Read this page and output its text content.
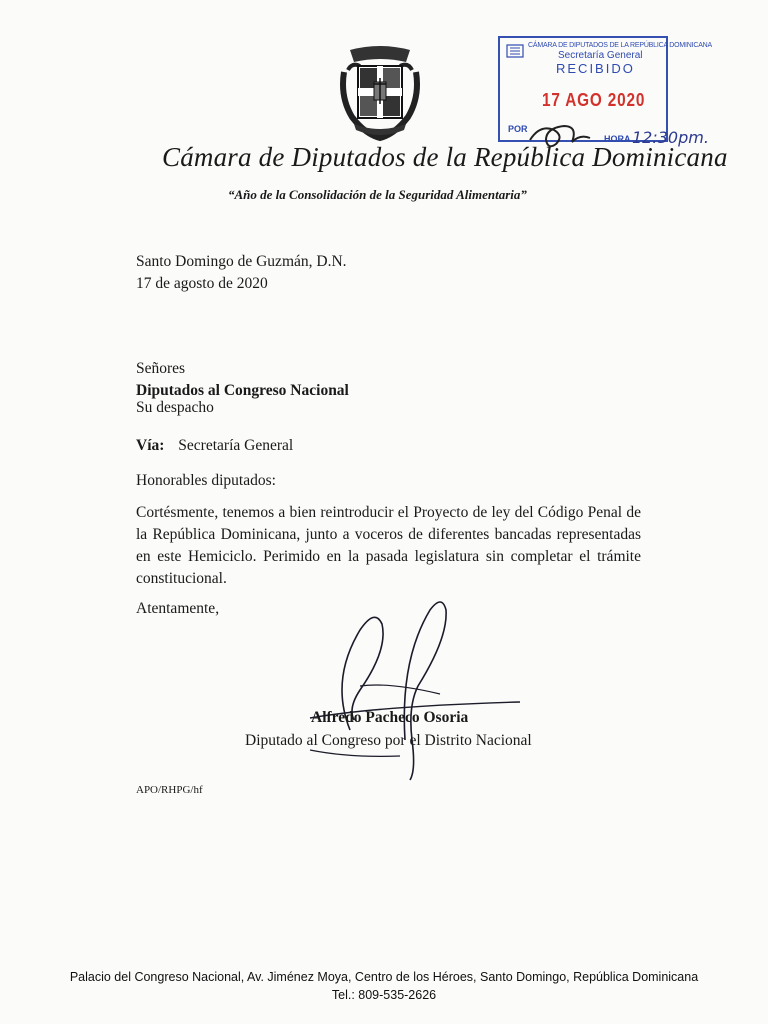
CÁMARA DE DIPUTADOS DE LA REPÚBLICA DOMINICANA
Secretaría General
RECIBIDO
17 AGO 2020
POR
HORA 12:30pm.
Cámara de Diputados de la República Dominicana
“Año de la Consolidación de la Seguridad Alimentaria”
Santo Domingo de Guzmán, D.N.
17 de agosto de 2020
Señores
Diputados al Congreso Nacional
Su despacho
Vía: Secretaría General
Honorables diputados:
Cortésmente, tenemos a bien reintroducir el Proyecto de ley del Código Penal de la República Dominicana, junto a voceros de diferentes bancadas representadas en este Hemiciclo. Perimido en la pasada legislatura sin completar el trámite constitucional.
Atentamente,
Alfredo Pacheco Osoria
Diputado al Congreso por el Distrito Nacional
APO/RHPG/hf
Palacio del Congreso Nacional, Av. Jiménez Moya, Centro de los Héroes, Santo Domingo, República Dominicana
Tel.: 809-535-2626
